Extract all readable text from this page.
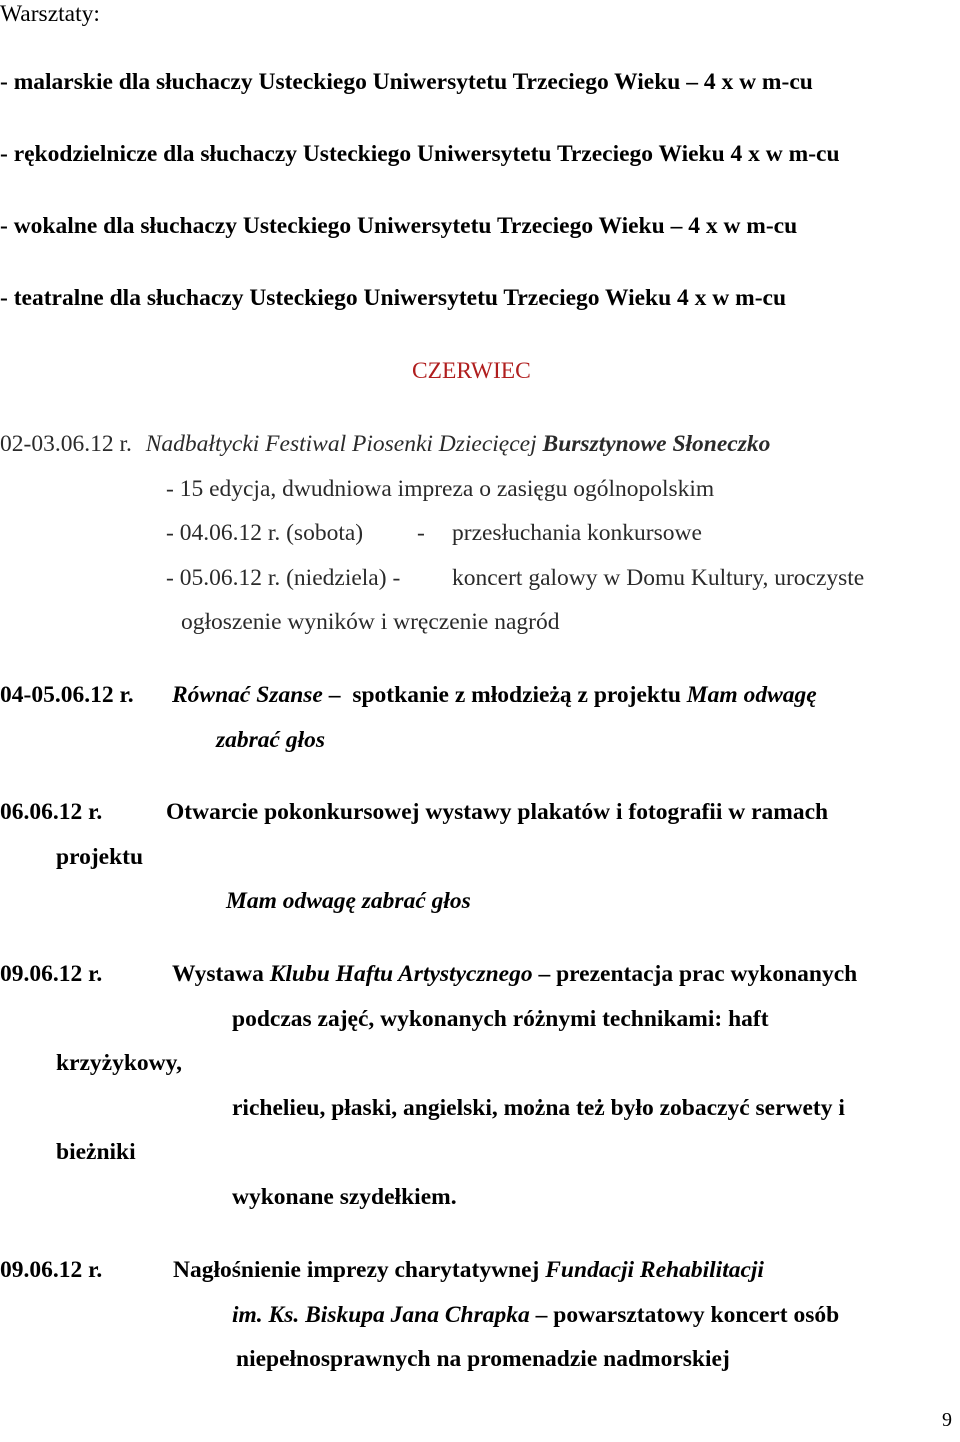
Warsztaty:

- malarskie dla słuchaczy Usteckiego Uniwersytetu Trzeciego Wieku – 4 x w m-cu

- rękodzielnicze dla słuchaczy Usteckiego Uniwersytetu Trzeciego Wieku 4 x w m-cu

- wokalne dla słuchaczy Usteckiego Uniwersytetu Trzeciego Wieku – 4 x w m-cu

- teatralne dla słuchaczy Usteckiego Uniwersytetu Trzeciego Wieku 4 x w m-cu

CZERWIEC

02-03.06.12 r. Nadbałtycki Festiwal Piosenki Dziecięcej Bursztynowe Słoneczko

- 15 edycja, dwudniowa impreza o zasięgu ogólnopolskim

- 04.06.12 r. (sobota) - przesłuchania konkursowe

- 05.06.12 r. (niedziela) - koncert galowy w Domu Kultury, uroczyste

ogłoszenie wyników i wręczenie nagród

04-05.06.12 r. Równać Szanse – spotkanie z młodzieżą z projektu Mam odwagę

zabrać głos

06.06.12 r.	Otwarcie pokonkursowej wystawy plakatów i fotografii w ramach

projektu

Mam odwagę zabrać głos

09.06.12 r.	Wystawa Klubu Haftu Artystycznego – prezentacja prac wykonanych

podczas zajęć, wykonanych różnymi technikami: haft

krzyżykowy,

richelieu, płaski, angielski, można też było zobaczyć serwety i

bieżniki

wykonane szydełkiem.

09.06.12 r.	Nagłośnienie imprezy charytatywnej Fundacji Rehabilitacji

im. Ks. Biskupa Jana Chrapka – powarsztatowy koncert osób

niepełnosprawnych na promenadzie nadmorskiej

9
